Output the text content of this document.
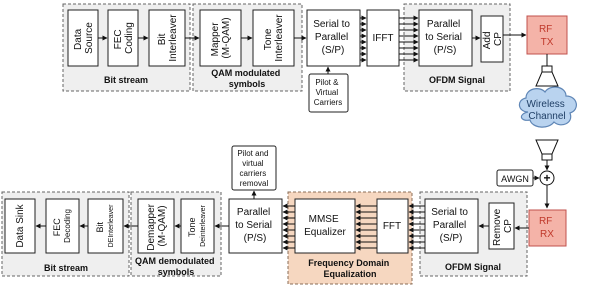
Data Source FEC Coding Bit Interleaver	Mapper (M-QAM)	Tone Interleaver	Add CP
Serial to Parallel (S/P)
IFFT
Parallel to Serial (P/S)
RF TX
Pilot & Virtual Carriers
Bit stream
QAM modulated symbols	OFDM Signal
Wireless Channel
+
AWGN
RF RX
Remove CP
Serial to Parallel (S/P)
FFT
MMSE Equalizer
Parallel to Serial (P/S)
Tone Deinterleaver
Demapper (M-QAM)
Bit DEInterleaver
FEC Decoding
Data Sink
Pilot and virtual carriers removal
Bit stream
QAM demodulated symbols
Frequency Domain Equalization
OFDM Signal
